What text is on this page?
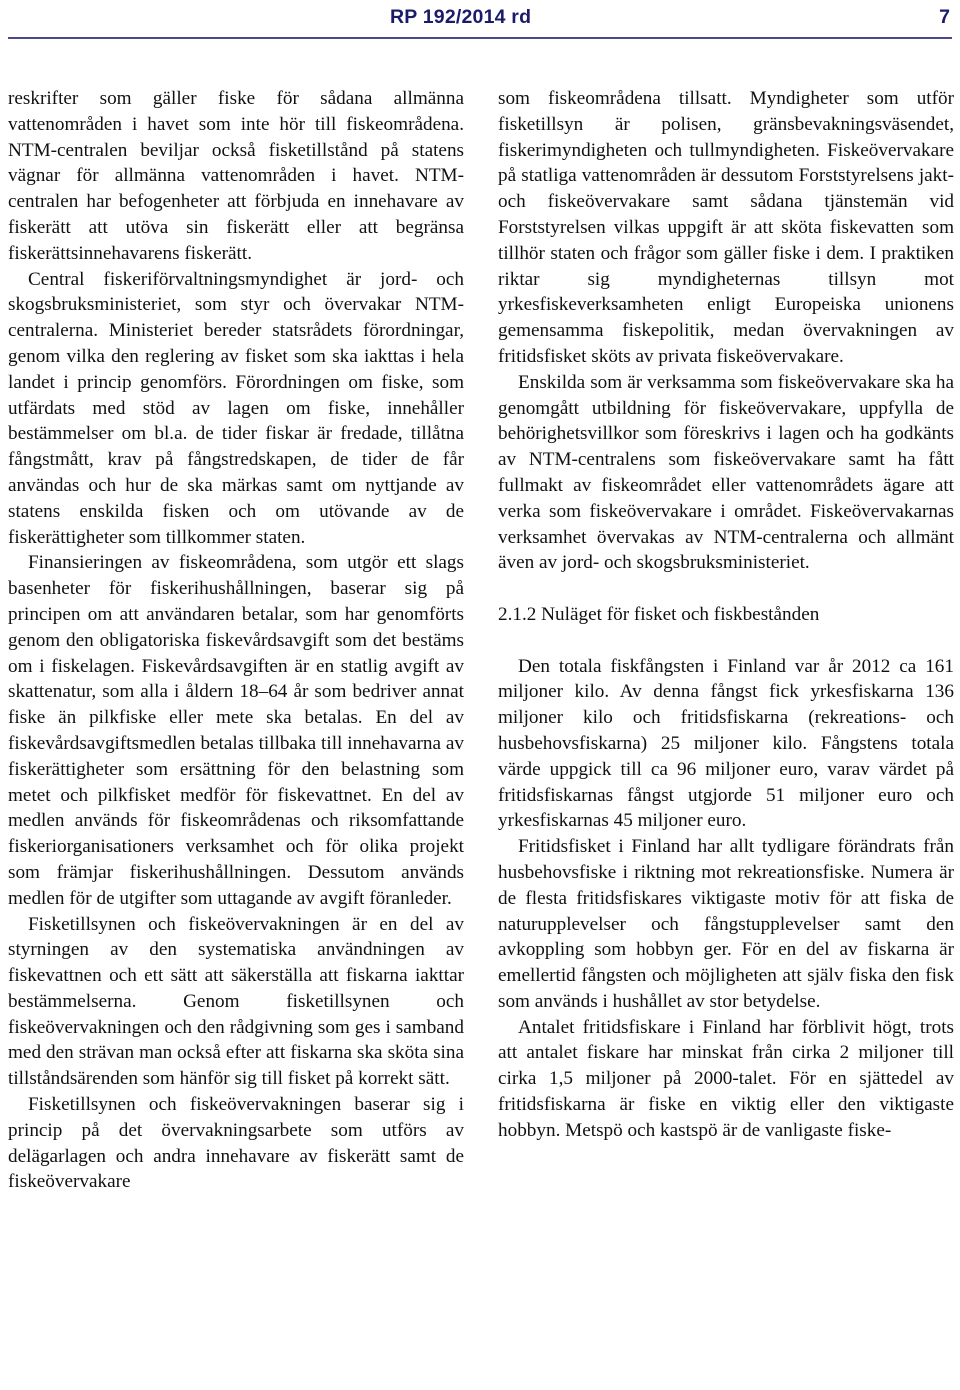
RP 192/2014 rd	7

reskrifter som gäller fiske för sådana allmänna vattenområden i havet som inte hör till fiskeområdena. NTM-centralen beviljar också fisketillstånd på statens vägnar för allmänna vattenområden i havet. NTM-centralen har befogenheter att förbjuda en innehavare av fiskerätt att utöva sin fiskerätt eller att begränsa fiskerättsinnehavarens fiskerätt.

Central fiskeriförvaltningsmyndighet är jord- och skogsbruksministeriet, som styr och övervakar NTM-centralerna. Ministeriet bereder statsrådets förordningar, genom vilka den reglering av fisket som ska iakttas i hela landet i princip genomförs. Förordningen om fiske, som utfärdats med stöd av lagen om fiske, innehåller bestämmelser om bl.a. de tider fiskar är fredade, tillåtna fångstmått, krav på fångstredskapen, de tider de får användas och hur de ska märkas samt om nyttjande av statens enskilda fisken och om utövande av de fiskerättigheter som tillkommer staten.

Finansieringen av fiskeområdena, som utgör ett slags basenheter för fiskerihushållningen, baserar sig på principen om att användaren betalar, som har genomförts genom den obligatoriska fiskevårdsavgift som det bestäms om i fiskelagen. Fiskevårdsavgiften är en statlig avgift av skattenatur, som alla i åldern 18–64 år som bedriver annat fiske än pilkfiske eller mete ska betalas. En del av fiskevårdsavgiftsmedlen betalas tillbaka till innehavarna av fiskerättigheter som ersättning för den belastning som metet och pilkfisket medför för fiskevattnet. En del av medlen används för fiskeområdenas och riksomfattande fiskeriorganisationers verksamhet och för olika projekt som främjar fiskerihushållningen. Dessutom används medlen för de utgifter som uttagande av avgift föranleder.

Fisketillsynen och fiskeövervakningen är en del av styrningen av den systematiska användningen av fiskevattnen och ett sätt att säkerställa att fiskarna iakttar bestämmelserna. Genom fisketillsynen och fiskeövervakningen och den rådgivning som ges i samband med den strävan man också efter att fiskarna ska sköta sina tillståndsärenden som hänför sig till fisket på korrekt sätt.

Fisketillsynen och fiskeövervakningen baserar sig i princip på det övervakningsarbete som utförs av delägarlagen och andra innehavare av fiskerätt samt de fiskeövervakare

som fiskeområdena tillsatt. Myndigheter som utför fisketillsyn är polisen, gränsbevakningsväsendet, fiskerimyndigheten och tullmyndigheten. Fiskeövervakare på statliga vattenområden är dessutom Forststyrelsens jakt- och fiskeövervakare samt sådana tjänstemän vid Forststyrelsen vilkas uppgift är att sköta fiskevatten som tillhör staten och frågor som gäller fiske i dem. I praktiken riktar sig myndigheternas tillsyn mot yrkesfiskeverksamheten enligt Europeiska unionens gemensamma fiskepolitik, medan övervakningen av fritidsfisket sköts av privata fiskeövervakare.

Enskilda som är verksamma som fiskeövervakare ska ha genomgått utbildning för fiskeövervakare, uppfylla de behörighetsvillkor som föreskrivs i lagen och ha godkänts av NTM-centralens som fiskeövervakare samt ha fått fullmakt av fiskeområdet eller vattenområdets ägare att verka som fiskeövervakare i området. Fiskeövervakarnas verksamhet övervakas av NTM-centralerna och allmänt även av jord- och skogsbruksministeriet.

2.1.2 Nuläget för fisket och fiskbestånden

Den totala fiskfångsten i Finland var år 2012 ca 161 miljoner kilo. Av denna fångst fick yrkesfiskarna 136 miljoner kilo och fritidsfiskarna (rekreations- och husbehovsfiskarna) 25 miljoner kilo. Fångstens totala värde uppgick till ca 96 miljoner euro, varav värdet på fritidsfiskarnas fångst utgjorde 51 miljoner euro och yrkesfiskarnas 45 miljoner euro.

Fritidsfisket i Finland har allt tydligare förändrats från husbehovsfiske i riktning mot rekreationsfiske. Numera är de flesta fritidsfiskares viktigaste motiv för att fiska de naturupplevelser och fångstupplevelser samt den avkoppling som hobbyn ger. För en del av fiskarna är emellertid fångsten och möjligheten att själv fiska den fisk som används i hushållet av stor betydelse.

Antalet fritidsfiskare i Finland har förblivit högt, trots att antalet fiskare har minskat från cirka 2 miljoner till cirka 1,5 miljoner på 2000-talet. För en sjättedel av fritidsfiskarna är fiske en viktig eller den viktigaste hobbyn. Metspö och kastspö är de vanligaste fiske-
